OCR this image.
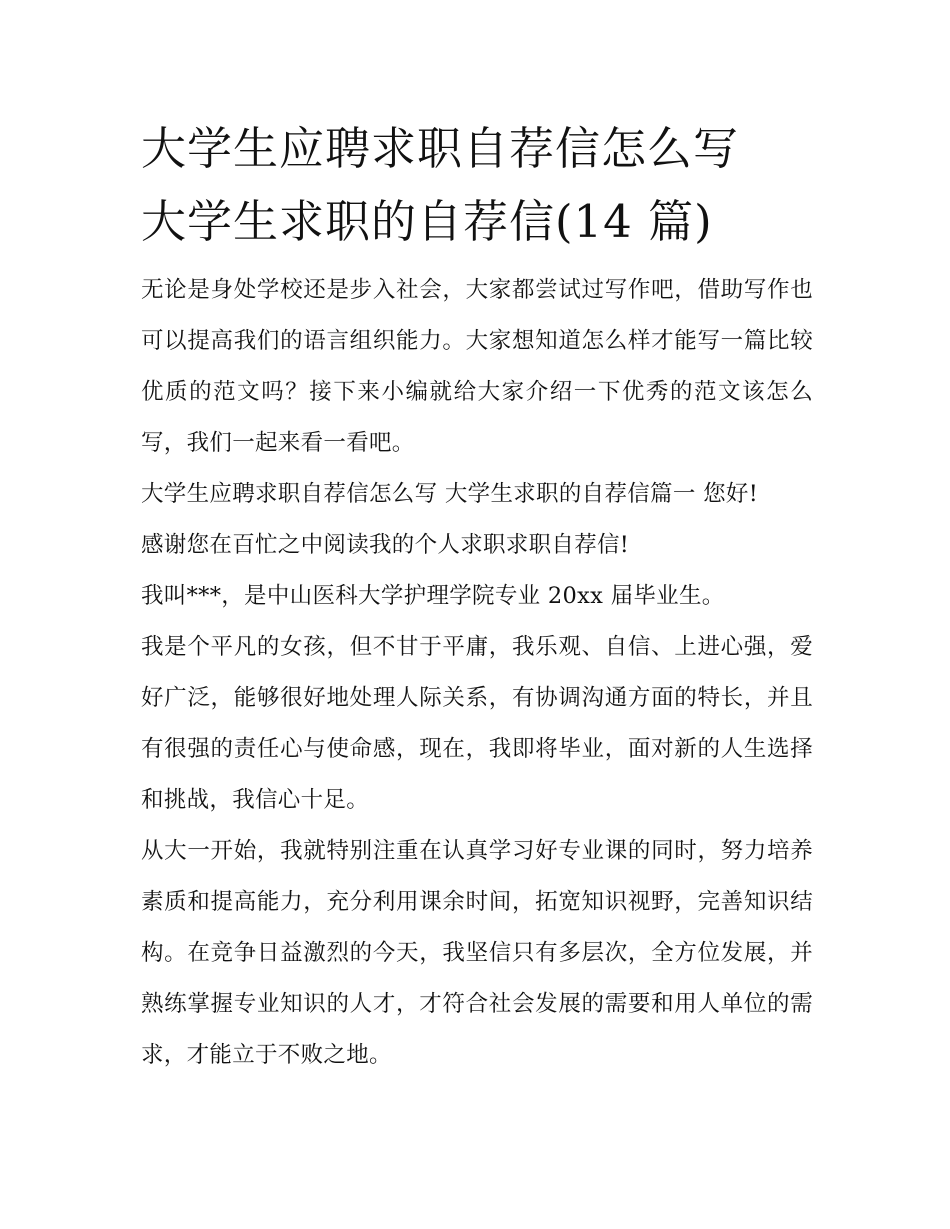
大学生应聘求职自荐信怎么写
大学生求职的自荐信(14 篇)

无论是身处学校还是步入社会，大家都尝试过写作吧，借助写作也可以提高我们的语言组织能力。大家想知道怎么样才能写一篇比较优质的范文吗？接下来小编就给大家介绍一下优秀的范文该怎么写，我们一起来看一看吧。

大学生应聘求职自荐信怎么写 大学生求职的自荐信篇一 您好!

感谢您在百忙之中阅读我的个人求职求职自荐信!

我叫***，是中山医科大学护理学院专业 20xx 届毕业生。

我是个平凡的女孩，但不甘于平庸，我乐观、自信、上进心强，爱好广泛，能够很好地处理人际关系，有协调沟通方面的特长，并且有很强的责任心与使命感，现在，我即将毕业，面对新的人生选择和挑战，我信心十足。

从大一开始，我就特别注重在认真学习好专业课的同时，努力培养素质和提高能力，充分利用课余时间，拓宽知识视野，完善知识结构。在竞争日益激烈的今天，我坚信只有多层次，全方位发展，并熟练掌握专业知识的人才，才符合社会发展的需要和用人单位的需求，才能立于不败之地。
